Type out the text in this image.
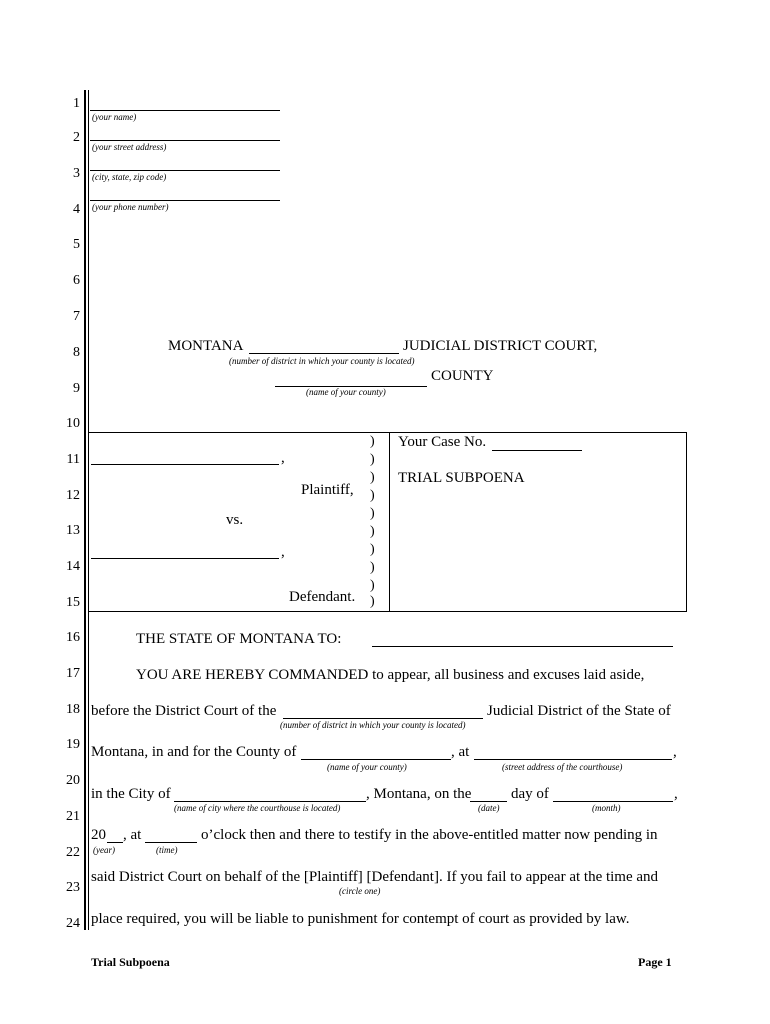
1
2
3
4
5
6
7
8
9
10
11
12
13
14
15
16
17
18
19
20
21
22
23
24
(your name)
(your street address)
(city, state, zip code)
(your phone number)
MONTANA	JUDICIAL DISTRICT COURT,
(number of district in which your county is located)
COUNTY
(name of your county)
,
Plaintiff,
vs.
,
Defendant.
)
)
)
)
)
)
)
)
)
)
Your Case No.
TRIAL SUBPOENA
THE STATE OF MONTANA TO:
YOU ARE HEREBY COMMANDED to appear, all business and excuses laid aside,
before the District Court of the	Judicial District of the State of
(number of district in which your county is located)
Montana, in and for the County of	, at	,
(name of your county)	(street address of the courthouse)
in the City of	, Montana, on the	day of	,
(name of city where the courthouse is located)	(date)	(month)
20 , at	o’clock then and there to testify in the above-entitled matter now pending in
(year)	(time)
said District Court on behalf of the [Plaintiff] [Defendant]. If you fail to appear at the time and
(circle one)
place required, you will be liable to punishment for contempt of court as provided by law.
Trial Subpoena	Page 1
